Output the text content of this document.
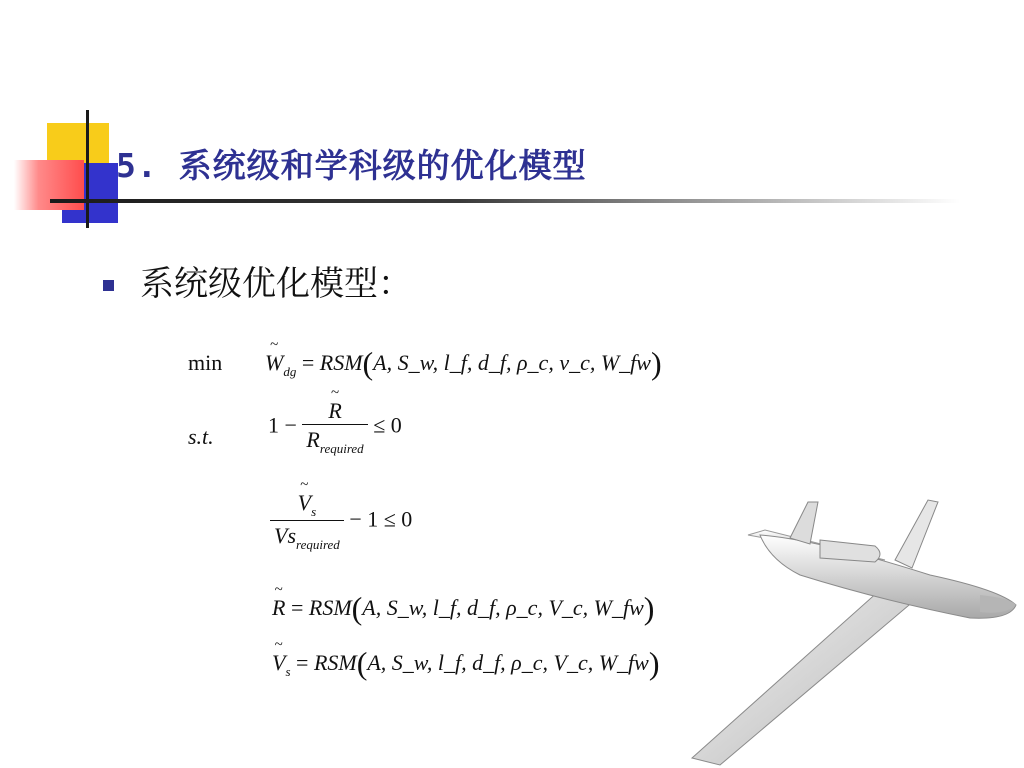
5. 系统级和学科级的优化模型
系统级优化模型：
min ~ $W_{dg} = RSM(A$, S_w, l_f, d_f, ρ_c, v_c, W_fw)
s.t. 1 − ~ $\frac{R}{R_{required}} \le 0$
~ $\frac{V_s}{Vs_{required}} - 1 \le 0$
~ R = RSM(A, S_w, l_f, d_f, ρ_c, V_c, W_fw)
~ $V_s = RSM(A$, S_w, l_f, d_f, ρ_c, V_c, W_fw)
